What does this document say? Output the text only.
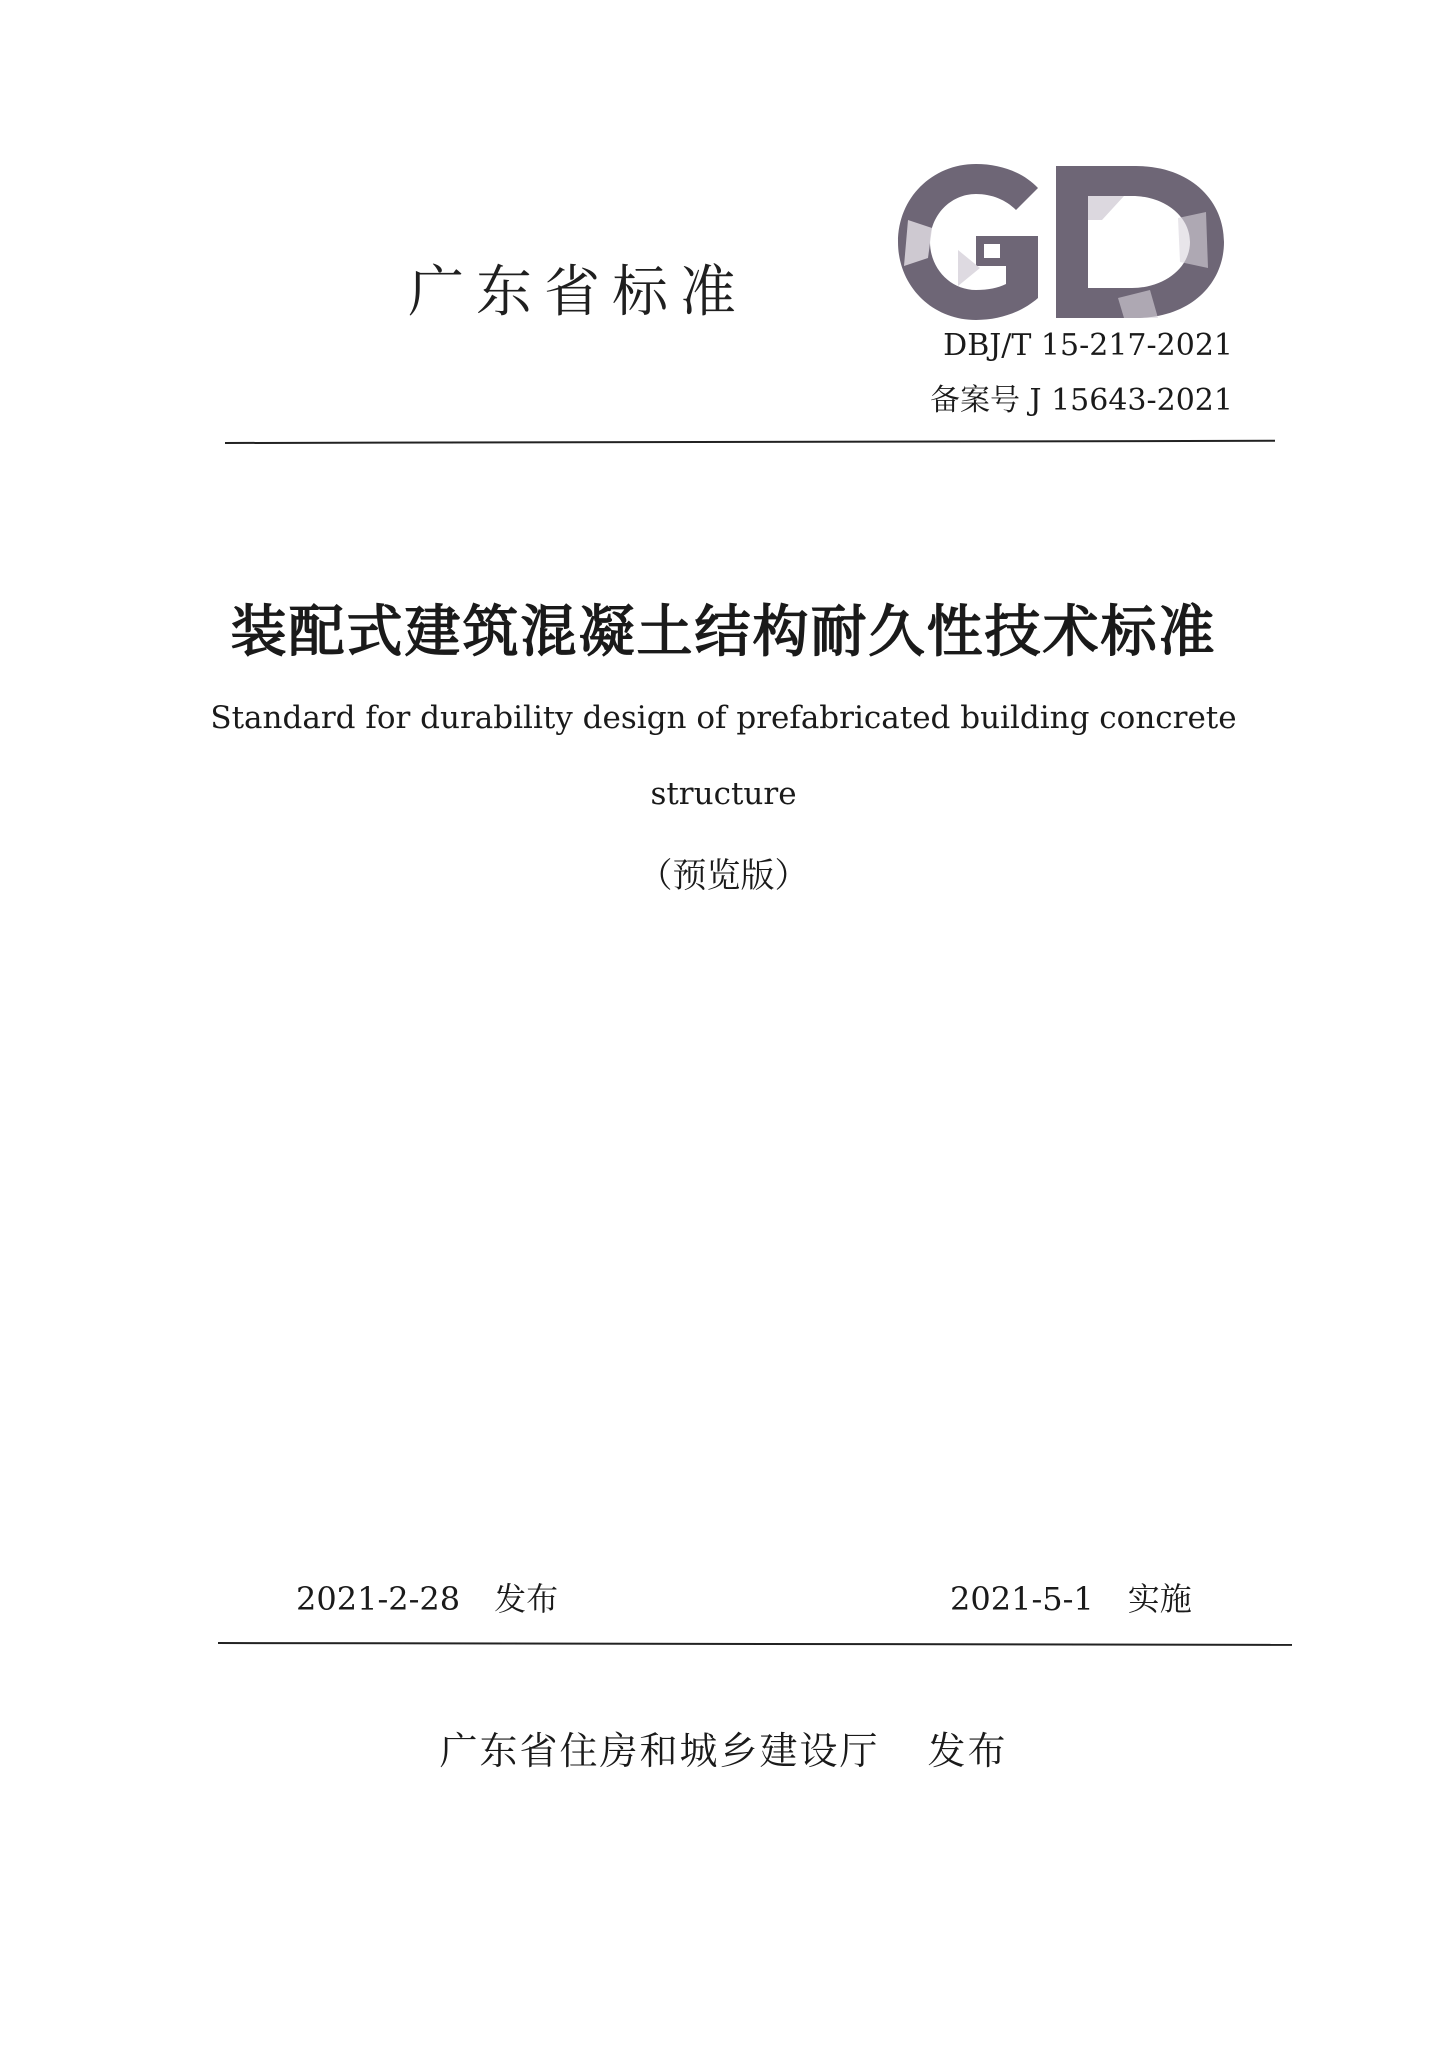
广东省标准
DBJ/T 15-217-2021
备案号 J 15643-2021
装配式建筑混凝土结构耐久性技术标准
Standard for durability design of prefabricated building concrete
structure
（预览版）
2021-2-28 发布	2021-5-1 实施
广东省住房和城乡建设厅 发布
